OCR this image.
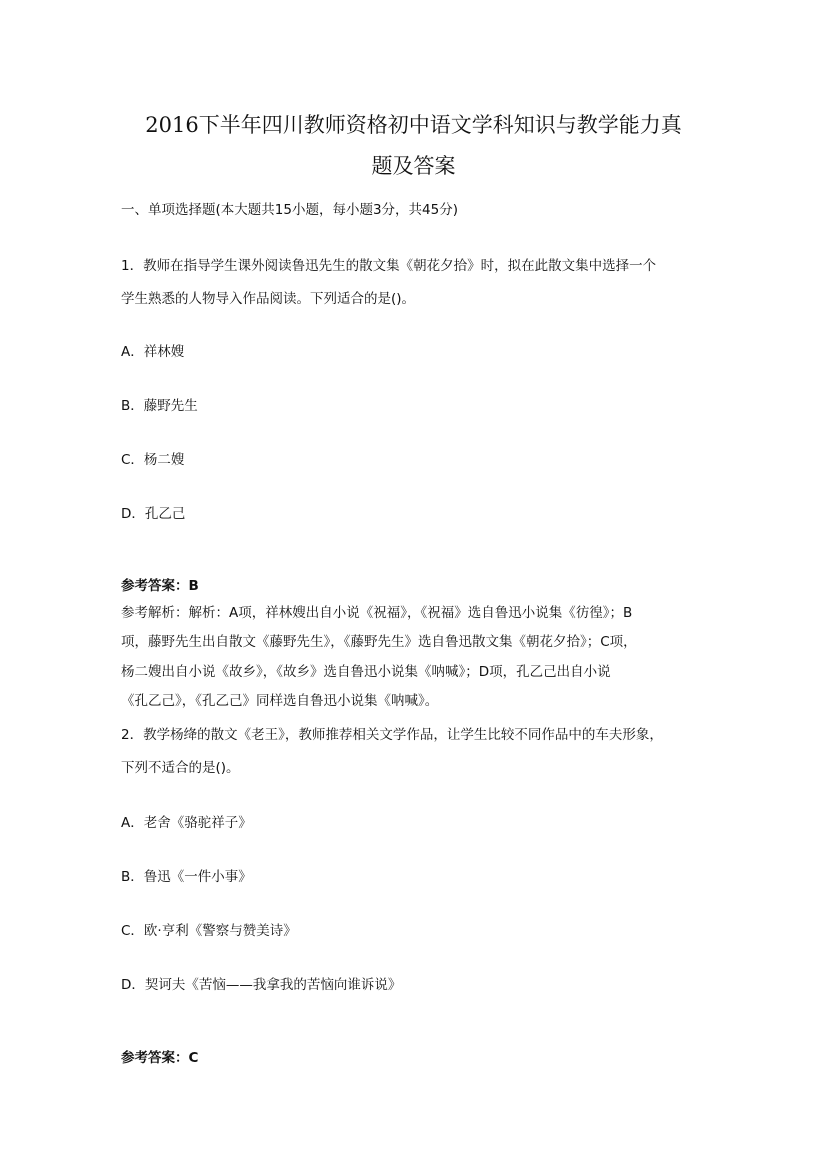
2016下半年四川教师资格初中语文学科知识与教学能力真
题及答案
一、单项选择题(本大题共15小题，每小题3分，共45分)
1．教师在指导学生课外阅读鲁迅先生的散文集《朝花夕拾》时，拟在此散文集中选择一个
学生熟悉的人物导入作品阅读。下列适合的是()。
A．祥林嫂
B．藤野先生
C．杨二嫂
D．孔乙己
参考答案：B
参考解析：解析：A项，祥林嫂出自小说《祝福》，《祝福》选自鲁迅小说集《彷徨》；B
项，藤野先生出自散文《藤野先生》，《藤野先生》选自鲁迅散文集《朝花夕拾》；C项，
杨二嫂出自小说《故乡》，《故乡》选自鲁迅小说集《呐喊》；D项，孔乙己出自小说
《孔乙己》，《孔乙己》同样选自鲁迅小说集《呐喊》。
2．教学杨绛的散文《老王》，教师推荐相关文学作品，让学生比较不同作品中的车夫形象，
下列不适合的是()。
A．老舍《骆驼祥子》
B．鲁迅《一件小事》
C．欧·亨利《警察与赞美诗》
D．契诃夫《苦恼——我拿我的苦恼向谁诉说》
参考答案：C
